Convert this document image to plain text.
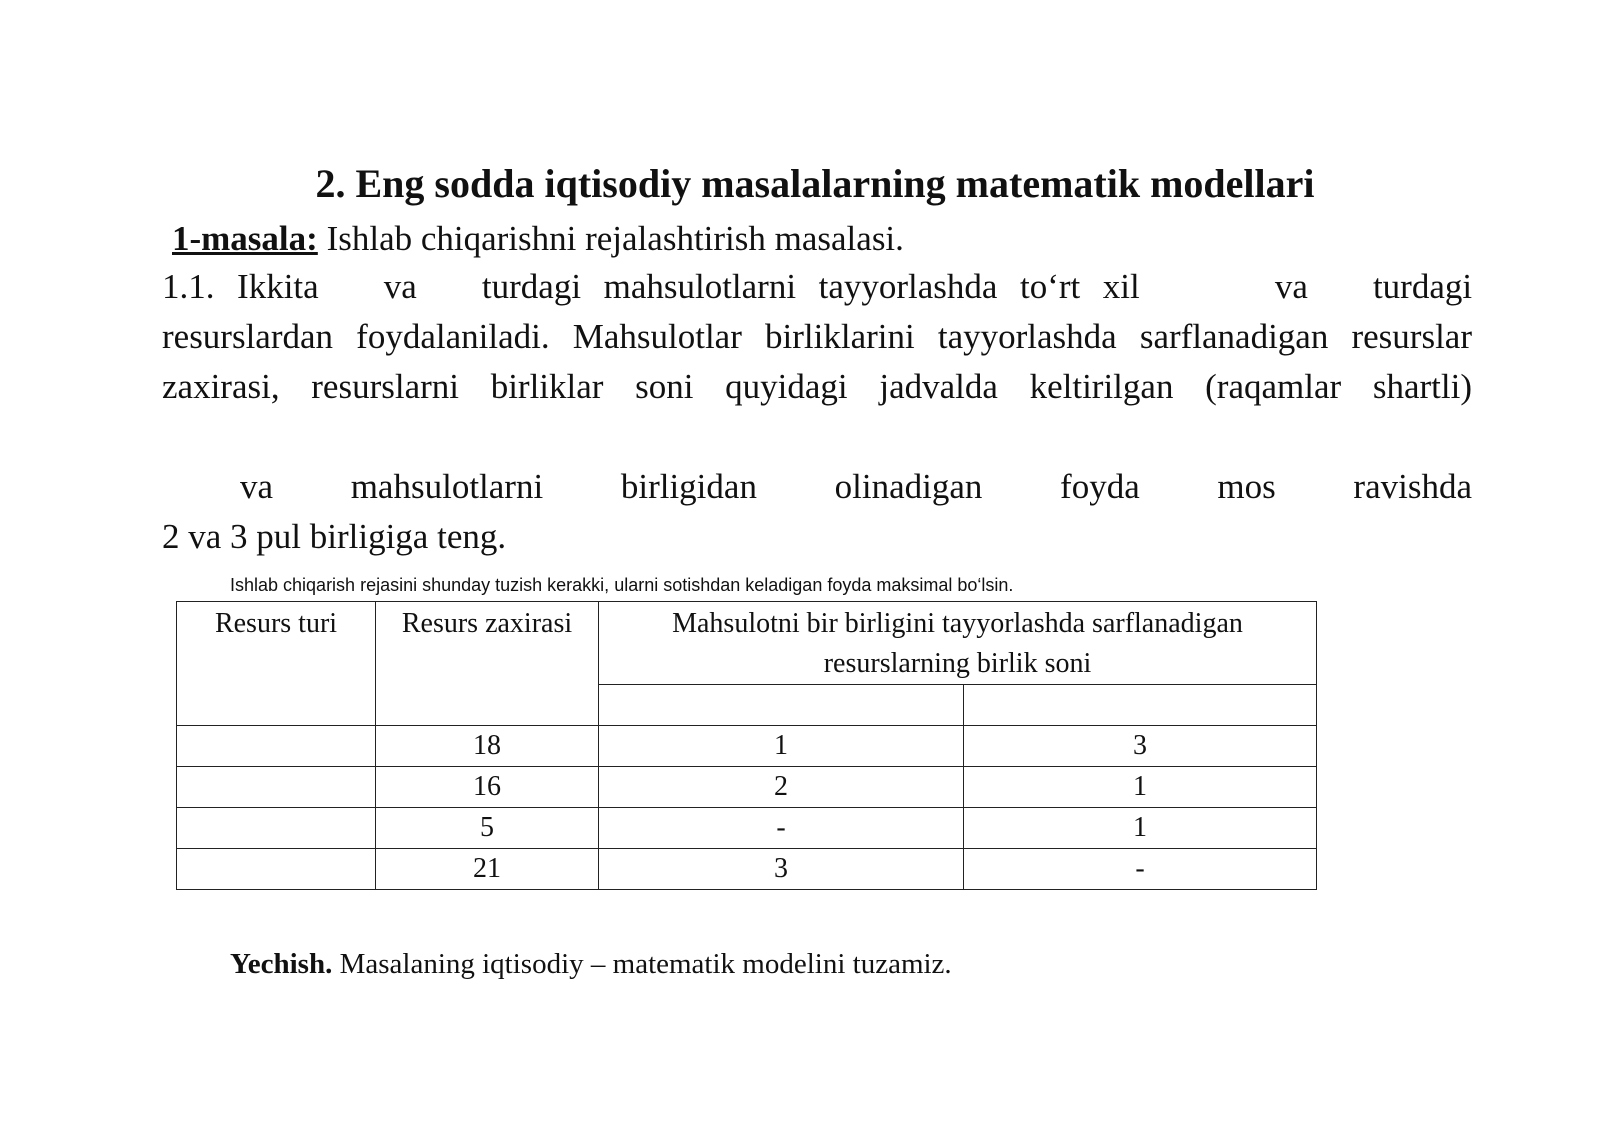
2. Eng sodda iqtisodiy masalalarning matematik modellari
1-masala: Ishlab chiqarishni rejalashtirish masalasi.
1.1. Ikkita va turdagi mahsulotlarni tayyorlashda to‘rt xil	va turdagi resurslardan foydalaniladi. Mahsulotlar birliklarini tayyorlashda sarflanadigan resurslar zaxirasi, resurslarni birliklar soni quyidagi jadvalda keltirilgan (raqamlar shartli)
va mahsulotlarni birligidan olinadigan foyda mos ravishda
2 va 3 pul birligiga teng.
Ishlab chiqarish rejasini shunday tuzish kerakki, ularni sotishdan keladigan foyda maksimal bo‘lsin.
Resurs turi	Resurs zaxirasi	Mahsulotni bir birligini tayyorlashda sarflanadigan resurslarning birlik soni	

	18	1	3
	16	2	1
	5	-	1
	21	3	-
Yechish. Masalaning iqtisodiy – matematik modelini tuzamiz.
